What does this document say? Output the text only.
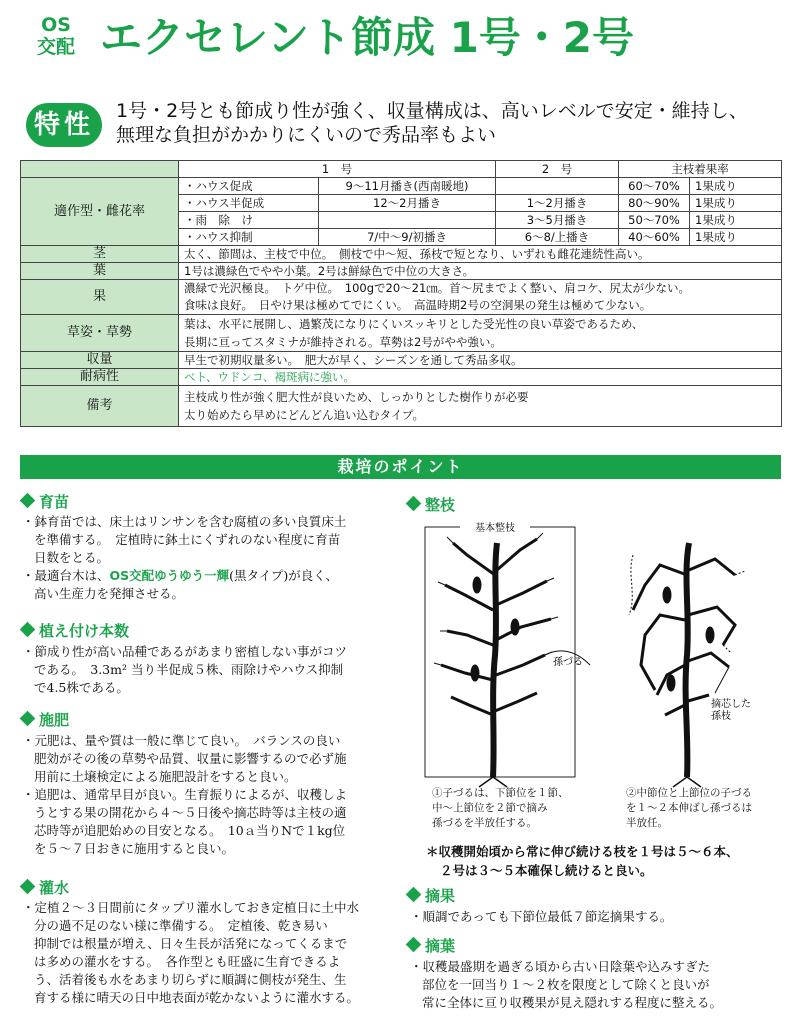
OS
交配 エクセレント節成 1号・2号
特性	1号・2号とも節成り性が強く、収量構成は、高いレベルで安定・維持し、
無理な負担がかかりにくいので秀品率もよい
	1　号		2　号	主枝着果率	
適作型・雌花率	・ハウス促成	9～11月播き(西南暖地)		60～70%	1果成り
	・ハウス半促成	12～2月播き	1～2月播き	80～90%	1果成り
	・雨　除　け		3～5月播き	50～70%	1果成り
	・ハウス抑制	7/中～9/初播き	6～8/上播き	40～60%	1果成り
茎	太く、節間は、主枝で中位。　側枝で中～短、孫枝で短となり、いずれも雌花連続性高い。				
葉	1号は濃緑色でやや小葉。2号は鮮緑色で中位の大きさ。				
果	濃緑で光沢極良。　トゲ中位。　100gで20～21㎝。首～尻までよく整い、肩コケ、尻太が少ない。
食味は良好。　日やけ果は極めてでにくい。　高温時期2号の空洞果の発生は極めて少ない。				

草姿・草勢	葉は、水平に展開し、過繁茂になりにくいスッキリとした受光性の良い草姿であるため、
長期に亘ってスタミナが維持される。草勢は2号がやや強い。				

収量	早生で初期収量多い。　肥大が早く、シーズンを通して秀品多収。				
耐病性	ベト、ウドンコ、褐斑病に強い。				
備考	主枝成り性が強く肥大性が良いため、しっかりとした樹作りが必要
太り始めたら早めにどんどん追い込むタイプ。				
栽培のポイント
育苗
・鉢育苗では、床土はリンサンを含む腐植の多い良質床土
を準備する。　定植時に鉢土にくずれのない程度に育苗
日数をとる。
・最適台木は、OS交配ゆうゆう一輝(黒タイプ)が良く、
高い生産力を発揮させる。
植え付け本数
・節成り性が高い品種であるがあまり密植しない事がコツ
である。　3.3m² 当り半促成５株、雨除けやハウス抑制
で4.5株である。
施肥
・元肥は、量や質は一般に準じて良い。　バランスの良い
肥効がその後の草勢や品質、収量に影響するので必ず施
用前に土壌検定による施肥設計をすると良い。
・追肥は、通常早目が良い。生育振りによるが、収穫しよ
うとする果の開花から４～５日後や摘芯時等は主枝の適
芯時等が追肥始めの目安となる。　10ａ当りNで１kg位
を５～７日おきに施用すると良い。
灌水
・定植２～３日間前にタップリ灌水しておき定植日に土中水
分の過不足のない様に準備する。　定植後、乾き易い
抑制では根量が増え、日々生長が活発になってくるまで
は多めの灌水をする。　各作型とも旺盛に生育できるよ
う、活着後も水をあまり切らずに順調に側枝が発生、生
育する様に晴天の日中地表面が乾かないように灌水する。
整枝
基本整枝
孫づる
摘芯した
孫枝
①子づるは、下節位を１節、
中～上節位を２節で摘み
孫づるを半放任する。
②中節位と上節位の子づる
を１～２本伸ばし孫づるは
半放任。
＊収穫開始頃から常に伸び続ける枝を１号は５～６本、
２号は３～５本確保し続けると良い。
摘果
・順調であっても下節位最低７節迄摘果する。
摘葉
・収穫最盛期を過ぎる頃から古い日陰葉や込みすぎた
部位を一回当り１～２枚を限度として除くと良いが
常に全体に亘り収穫果が見え隠れする程度に整える。
